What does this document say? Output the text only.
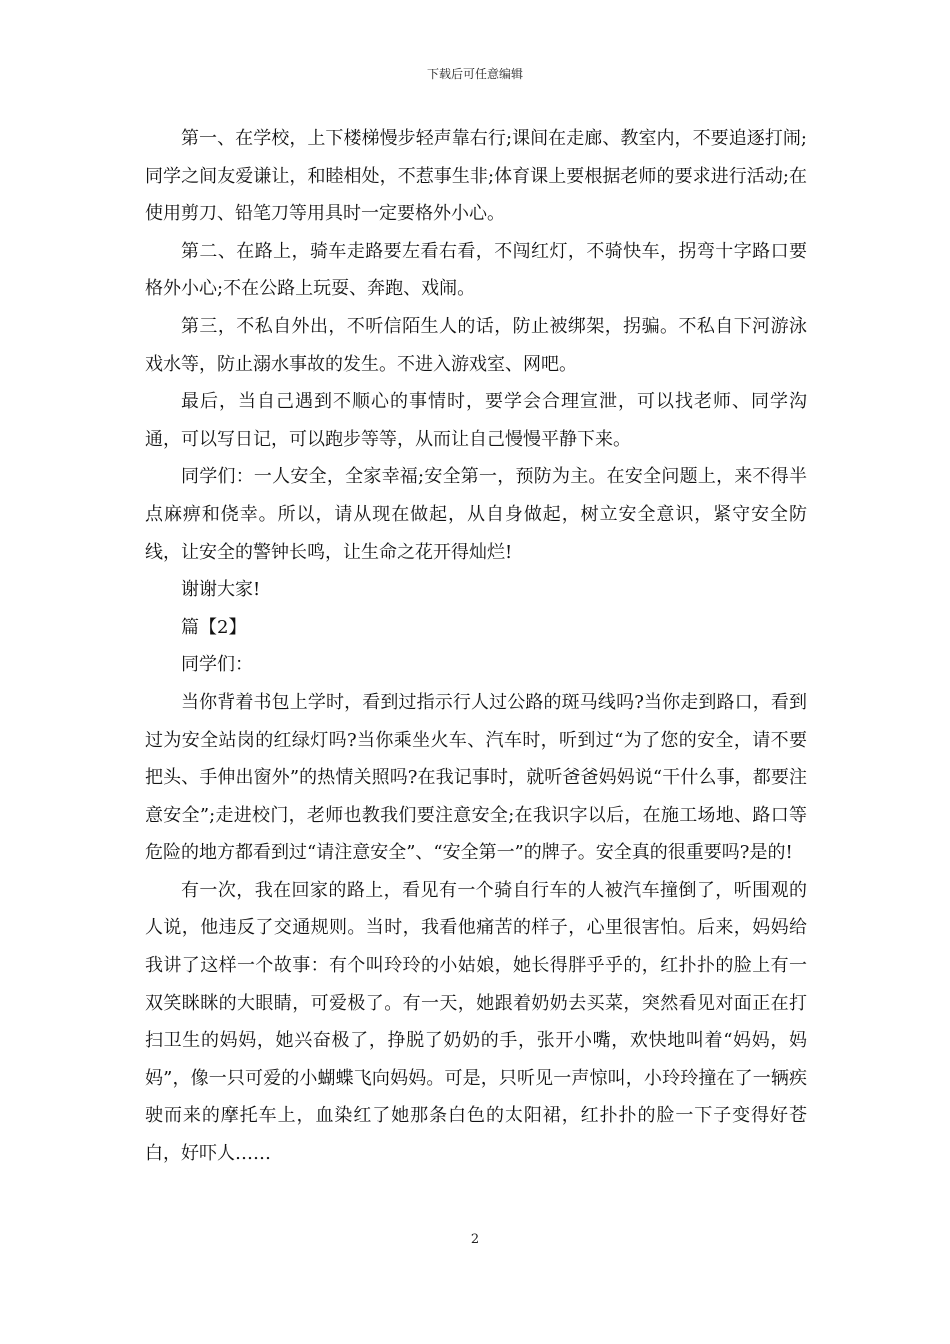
下载后可任意编辑

第一、在学校，上下楼梯慢步轻声靠右行;课间在走廊、教室内，不要追逐打闹;同学之间友爱谦让，和睦相处，不惹事生非;体育课上要根据老师的要求进行活动;在使用剪刀、铅笔刀等用具时一定要格外小心。

第二、在路上，骑车走路要左看右看，不闯红灯，不骑快车，拐弯十字路口要格外小心;不在公路上玩耍、奔跑、戏闹。

第三，不私自外出，不听信陌生人的话，防止被绑架，拐骗。不私自下河游泳戏水等，防止溺水事故的发生。不进入游戏室、网吧。

最后，当自己遇到不顺心的事情时，要学会合理宣泄，可以找老师、同学沟通，可以写日记，可以跑步等等，从而让自己慢慢平静下来。

同学们：一人安全，全家幸福;安全第一，预防为主。在安全问题上，来不得半点麻痹和侥幸。所以，请从现在做起，从自身做起，树立安全意识，紧守安全防线，让安全的警钟长鸣，让生命之花开得灿烂!

谢谢大家!

篇【2】

同学们：

当你背着书包上学时，看到过指示行人过公路的斑马线吗?当你走到路口，看到过为安全站岗的红绿灯吗?当你乘坐火车、汽车时，听到过“为了您的安全，请不要把头、手伸出窗外”的热情关照吗?在我记事时，就听爸爸妈妈说“干什么事，都要注意安全”;走进校门，老师也教我们要注意安全;在我识字以后，在施工场地、路口等危险的地方都看到过“请注意安全”、“安全第一”的牌子。安全真的很重要吗?是的!

有一次，我在回家的路上，看见有一个骑自行车的人被汽车撞倒了，听围观的人说，他违反了交通规则。当时，我看他痛苦的样子，心里很害怕。后来，妈妈给我讲了这样一个故事：有个叫玲玲的小姑娘，她长得胖乎乎的，红扑扑的脸上有一双笑眯眯的大眼睛，可爱极了。有一天，她跟着奶奶去买菜，突然看见对面正在打扫卫生的妈妈，她兴奋极了，挣脱了奶奶的手，张开小嘴，欢快地叫着“妈妈，妈妈”，像一只可爱的小蝴蝶飞向妈妈。可是，只听见一声惊叫，小玲玲撞在了一辆疾驶而来的摩托车上，血染红了她那条白色的太阳裙，红扑扑的脸一下子变得好苍白，好吓人……

2
